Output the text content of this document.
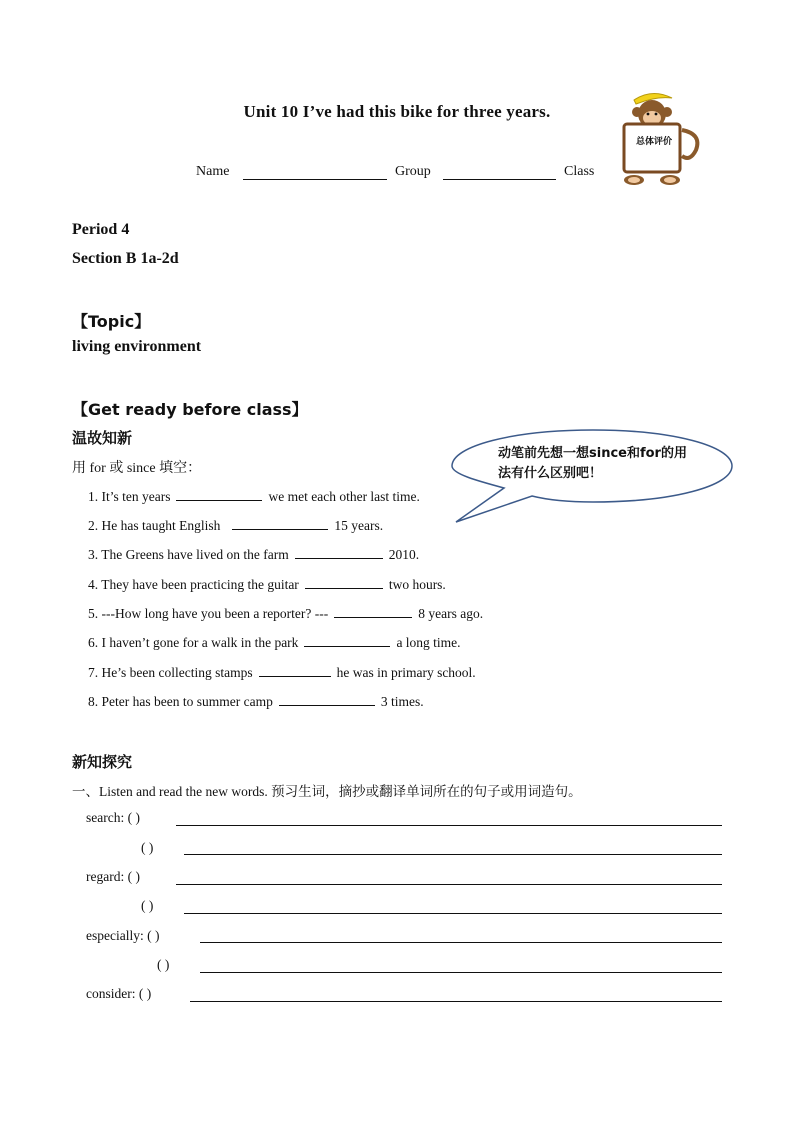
Unit 10 I’ve had this bike for three years.
Name	Group	Class
总体评价
Period 4
Section B 1a-2d
【Topic】
living environment
【Get ready before class】
温故知新
用 for 或 since 填空：
动笔前先想一想since和for的用法有什么区别吧！
1. It’s ten years	we met each other last time.
2. He has taught English	15 years.
3. The Greens have lived on the farm	2010.
4. They have been practicing the guitar	two hours.
5. ---How long have you been a reporter? ---	8 years ago.
6. I haven’t gone for a walk in the park	a long time.
7. He’s been collecting stamps	he was in primary school.
8. Peter has been to summer camp	3 times.
新知探究
一、Listen and read the new words. 预习生词，摘抄或翻译单词所在的句子或用词造句。
search: ( )
( )
regard: ( )
( )
especially: ( )
( )
consider: ( )
